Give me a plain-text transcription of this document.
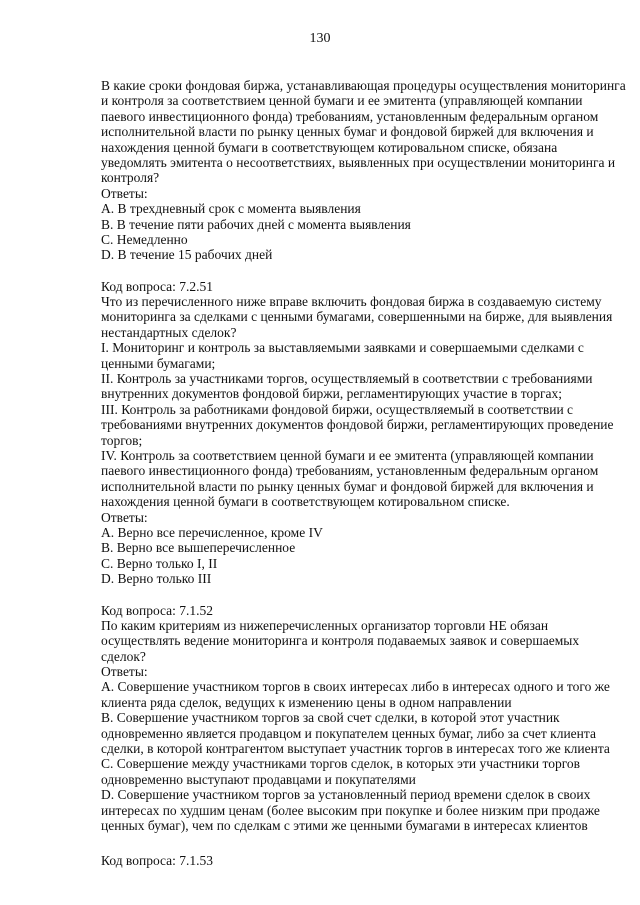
130
В какие сроки фондовая биржа, устанавливающая процедуры осуществления мониторинга
и контроля за соответствием ценной бумаги и ее эмитента (управляющей компании
паевого инвестиционного фонда) требованиям, установленным федеральным органом
исполнительной власти по рынку ценных бумаг и фондовой биржей для включения и
нахождения ценной бумаги в соответствующем котировальном списке, обязана
уведомлять эмитента о несоответствиях, выявленных при осуществлении мониторинга и
контроля?
Ответы:
A. В трехдневный срок с момента выявления
B. В течение пяти рабочих дней с момента выявления
C. Немедленно
D. В течение 15 рабочих дней
Код вопроса: 7.2.51
Что из перечисленного ниже вправе включить фондовая биржа в создаваемую систему
мониторинга за сделками с ценными бумагами, совершенными на бирже, для выявления
нестандартных сделок?
I. Мониторинг и контроль за выставляемыми заявками и совершаемыми сделками с
ценными бумагами;
II. Контроль за участниками торгов, осуществляемый в соответствии с требованиями
внутренних документов фондовой биржи, регламентирующих участие в торгах;
III. Контроль за работниками фондовой биржи, осуществляемый в соответствии с
требованиями внутренних документов фондовой биржи, регламентирующих проведение
торгов;
IV. Контроль за соответствием ценной бумаги и ее эмитента (управляющей компании
паевого инвестиционного фонда) требованиям, установленным федеральным органом
исполнительной власти по рынку ценных бумаг и фондовой биржей для включения и
нахождения ценной бумаги в соответствующем котировальном списке.
Ответы:
A. Верно все перечисленное, кроме IV
B. Верно все вышеперечисленное
C. Верно только I, II
D. Верно только III
Код вопроса: 7.1.52
По каким критериям из нижеперечисленных организатор торговли НЕ обязан
осуществлять ведение мониторинга и контроля подаваемых заявок и совершаемых
сделок?
Ответы:
A. Совершение участником торгов в своих интересах либо в интересах одного и того же
клиента ряда сделок, ведущих к изменению цены в одном направлении
B. Совершение участником торгов за свой счет сделки, в которой этот участник
одновременно является продавцом и покупателем ценных бумаг, либо за счет клиента
сделки, в которой контрагентом выступает участник торгов в интересах того же клиента
C. Совершение между участниками торгов сделок, в которых эти участники торгов
одновременно выступают продавцами и покупателями
D. Совершение участником торгов за установленный период времени сделок в своих
интересах по худшим ценам (более высоким при покупке и более низким при продаже
ценных бумаг), чем по сделкам с этими же ценными бумагами в интересах клиентов
Код вопроса: 7.1.53
